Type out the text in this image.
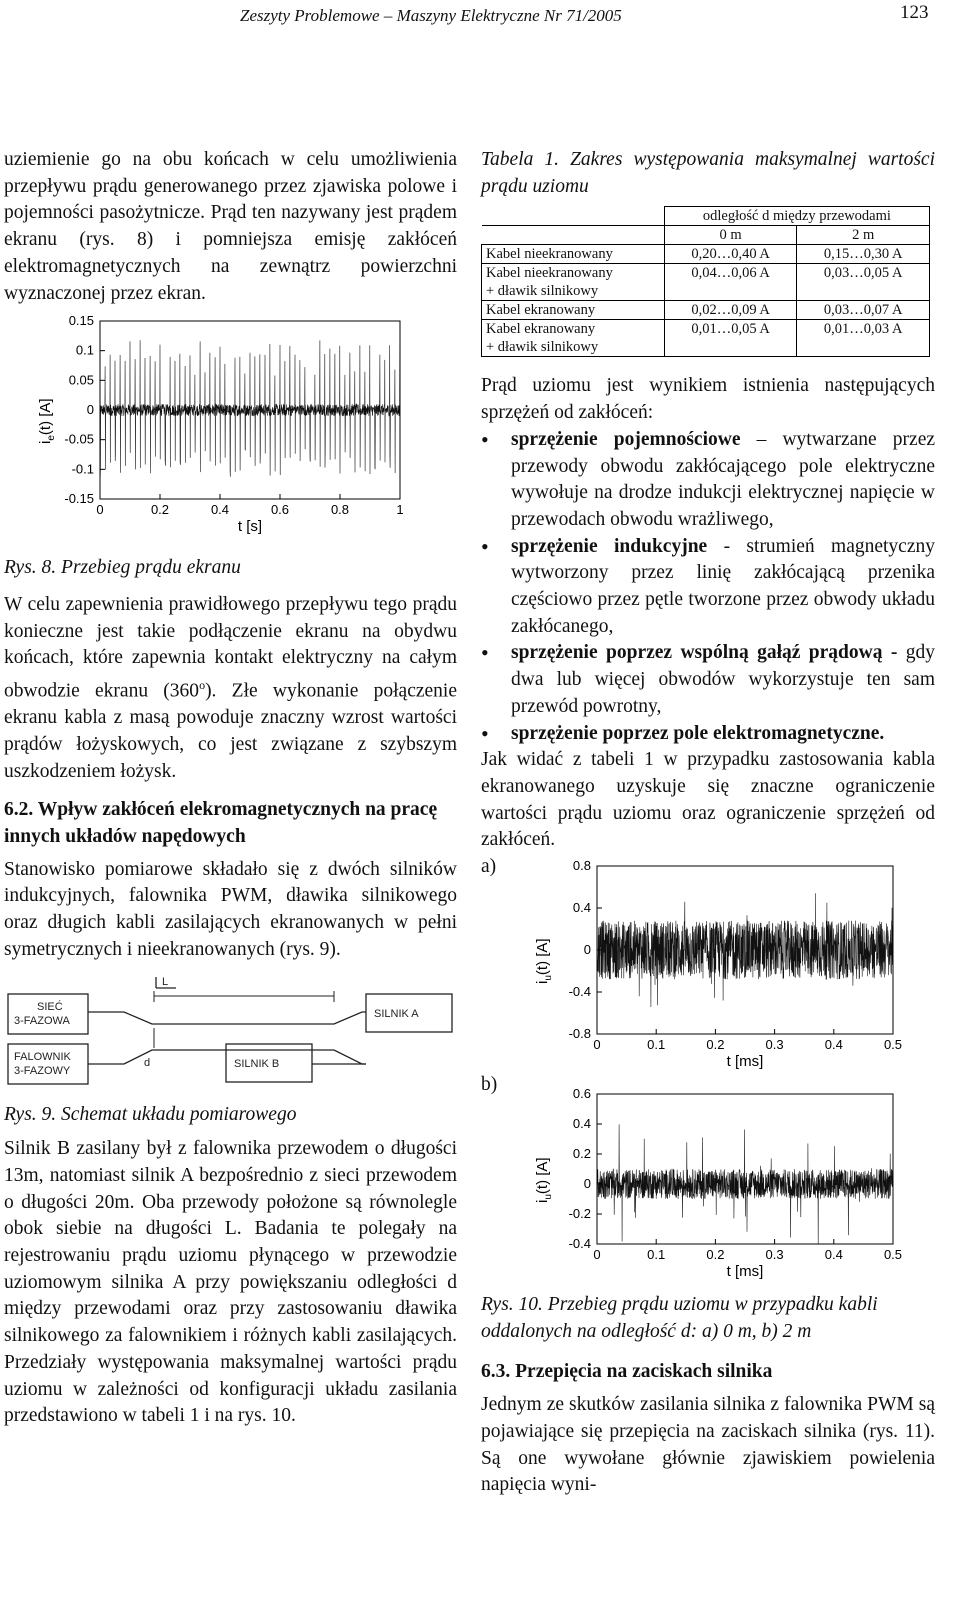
Zeszyty Problemowe – Maszyny Elektryczne Nr 71/2005	123

uziemienie go na obu końcach w celu umożliwienia przepływu prądu generowanego przez zjawiska polowe i pojemności pasożytnicze. Prąd ten nazywany jest prądem ekranu (rys. 8) i pomniejsza emisję zakłóceń elektromagnetycznych na zewnątrz powierzchni wyznaczonej przez ekran.

0	0.2	0.4	0.6	0.8	1
0.15
0.1
0.05
0
-0.05
-0.1
-0.15
t [s]
$i_e(t)$ [A]

Rys. 8. Przebieg prądu ekranu

W celu zapewnienia prawidłowego przepływu tego prądu konieczne jest takie podłączenie ekranu na obydwu końcach, które zapewnia kontakt elektryczny na całym obwodzie ekranu (360$^o$). Złe wykonanie połączenie ekranu kabla z masą powoduje znaczny wzrost wartości prądów łożyskowych, co jest związane z szybszym uszkodzeniem łożysk.

6.2. Wpływ zakłóceń elekromagnetycznych na pracę innych układów napędowych

Stanowisko pomiarowe składało się z dwóch silników indukcyjnych, falownika PWM, dławika silnikowego oraz długich kabli zasilających ekranowanych w pełni symetrycznych i nieekranowanych (rys. 9).

L
d
SIEĆ
3-FAZOWA
FALOWNIK
3-FAZOWY
SILNIK A
SILNIK B

Rys. 9. Schemat układu pomiarowego

Silnik B zasilany był z falownika przewodem o długości 13m, natomiast silnik A bezpośrednio z sieci przewodem o długości 20m. Oba przewody położone są równolegle obok siebie na długości L. Badania te polegały na rejestrowaniu prądu uziomu płynącego w przewodzie uziomowym silnika A przy powiększaniu odległości d między przewodami oraz przy zastosowaniu dławika silnikowego za falownikiem i różnych kabli zasilających. Przedziały występowania maksymalnej wartości prądu uziomu w zależności od konfiguracji układu zasilania przedstawiono w tabeli 1 i na rys. 10.

Tabela 1. Zakres występowania maksymalnej wartości prądu uziomu

	odległość d między przewodami	
	0 m	2 m
Kabel nieekranowany	0,20…0,40 A	0,15…0,30 A
Kabel nieekranowany
+ dławik silnikowy	0,04…0,06 A	0,03…0,05 A
Kabel ekranowany	0,02…0,09 A	0,03…0,07 A
Kabel ekranowany
+ dławik silnikowy	0,01…0,05 A	0,01…0,03 A

Prąd uziomu jest wynikiem istnienia następujących sprzężeń od zakłóceń:

• sprzężenie pojemnościowe – wytwarzane przez przewody obwodu zakłócającego pole elektryczne wywołuje na drodze indukcji elektrycznej napięcie w przewodach obwodu wrażliwego,
• sprzężenie indukcyjne - strumień magnetyczny wytworzony przez linię zakłócającą przenika częściowo przez pętle tworzone przez obwody układu zakłócanego,
• sprzężenie poprzez wspólną gałąź prądową - gdy dwa lub więcej obwodów wykorzystuje ten sam przewód powrotny,
• sprzężenie poprzez pole elektromagnetyczne.

Jak widać z tabeli 1 w przypadku zastosowania kabla ekranowanego uzyskuje się znaczne ograniczenie wartości prądu uziomu oraz ograniczenie sprzężeń od zakłóceń.

a)
0	0.1	0.2	0.3	0.4	0.5
0.8
0.4
0
-0.4
-0.8
t [ms]
$i_u(t)$ [A]
b)
0	0.1	0.2	0.3	0.4	0.5
0.6
0.4
0.2
0
-0.2
-0.4
t [ms]
$i_u(t)$ [A]

Rys. 10. Przebieg prądu uziomu w przypadku kabli oddalonych na odległość d: a) 0 m, b) 2 m

6.3. Przepięcia na zaciskach silnika

Jednym ze skutków zasilania silnika z falownika PWM są pojawiające się przepięcia na zaciskach silnika (rys. 11). Są one wywołane głównie zjawiskiem powielenia napięcia wyni-
